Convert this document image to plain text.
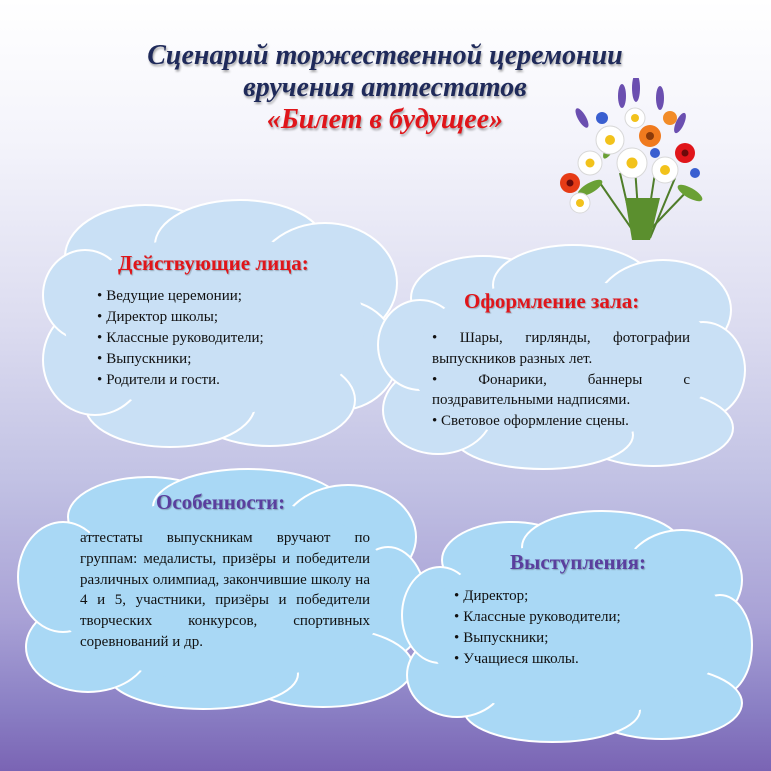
Сценарий торжественной церемонии
вручения аттестатов
«Билет в будущее»
Действующие лица:
• Ведущие церемонии;
• Директор школы;
• Классные руководители;
• Выпускники;
• Родители и гости.
Оформление зала:
• Шары, гирлянды, фотографии
выпускников разных лет.
• Фонарики, баннеры с
поздравительными надписями.
• Световое оформление сцены.
Особенности:
аттестаты выпускникам вручают по группам: медалисты, призёры и победители различных олимпиад, закончившие школу на 4 и 5, участники, призёры и победители творческих конкурсов, спортивных соревнований и др.
Выступления:
• Директор;
• Классные руководители;
• Выпускники;
• Учащиеся школы.
